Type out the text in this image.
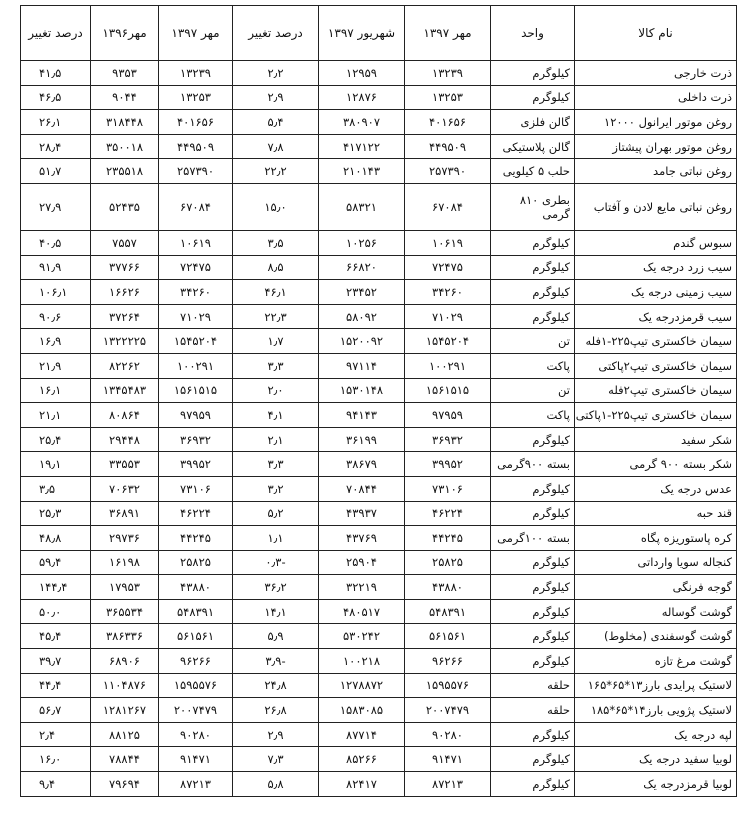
نام کالا	واحد	مهر ۱۳۹۷	شهریور ۱۳۹۷	درصد تغییر	مهر ۱۳۹۷	مهر۱۳۹۶	درصد تغییر
ذرت خارجی	کیلوگرم	۱۳۲۳۹	۱۲۹۵۹	۲٫۲	۱۳۲۳۹	۹۳۵۳	۴۱٫۵
ذرت داخلی	کیلوگرم	۱۳۲۵۳	۱۲۸۷۶	۲٫۹	۱۳۲۵۳	۹۰۴۴	۴۶٫۵
روغن موتور ایرانول ۱۲۰۰۰	گالن فلزی	۴۰۱۶۵۶	۳۸۰۹۰۷	۵٫۴	۴۰۱۶۵۶	۳۱۸۴۴۸	۲۶٫۱
روغن موتور بهران پیشتاز	گالن پلاستیکی	۴۴۹۵۰۹	۴۱۷۱۲۲	۷٫۸	۴۴۹۵۰۹	۳۵۰۰۱۸	۲۸٫۴
روغن نباتی جامد	حلب ۵ کیلویی	۲۵۷۳۹۰	۲۱۰۱۴۳	۲۲٫۲	۲۵۷۳۹۰	۲۳۵۵۱۸	۵۱٫۷
روغن نباتی مایع لادن و آفتاب	بطری ۸۱۰ گرمی	۶۷۰۸۴	۵۸۳۲۱	۱۵٫۰	۶۷۰۸۴	۵۲۴۳۵	۲۷٫۹
سبوس گندم	کیلوگرم	۱۰۶۱۹	۱۰۲۵۶	۳٫۵	۱۰۶۱۹	۷۵۵۷	۴۰٫۵
سیب زرد درجه یک	کیلوگرم	۷۲۴۷۵	۶۶۸۲۰	۸٫۵	۷۲۴۷۵	۳۷۷۶۶	۹۱٫۹
سیب زمینی درجه یک	کیلوگرم	۳۴۲۶۰	۲۳۴۵۲	۴۶٫۱	۳۴۲۶۰	۱۶۶۲۶	۱۰۶٫۱
سیب قرمزدرجه یک	کیلوگرم	۷۱۰۲۹	۵۸۰۹۲	۲۲٫۳	۷۱۰۲۹	۳۷۲۶۴	۹۰٫۶
سیمان خاکستری تیپ۲۲۵-۱فله	تن	۱۵۴۵۲۰۴	۱۵۲۰۰۹۲	۱٫۷	۱۵۴۵۲۰۴	۱۳۲۲۲۲۵	۱۶٫۹
سیمان خاکستری تیپ۲پاکتی	پاکت	۱۰۰۲۹۱	۹۷۱۱۴	۳٫۳	۱۰۰۲۹۱	۸۲۲۶۲	۲۱٫۹
سیمان خاکستری تیپ۲فله	تن	۱۵۶۱۵۱۵	۱۵۳۰۱۴۸	۲٫۰	۱۵۶۱۵۱۵	۱۳۴۵۴۸۳	۱۶٫۱
سیمان خاکستری تیپ۲۲۵-۱پاکتی	پاکت	۹۷۹۵۹	۹۴۱۴۳	۴٫۱	۹۷۹۵۹	۸۰۸۶۴	۲۱٫۱
شکر سفید	کیلوگرم	۳۶۹۳۲	۳۶۱۹۹	۲٫۱	۳۶۹۳۲	۲۹۴۴۸	۲۵٫۴
شکر بسته ۹۰۰ گرمی	بسته ۹۰۰گرمی	۳۹۹۵۲	۳۸۶۷۹	۳٫۳	۳۹۹۵۲	۳۳۵۵۳	۱۹٫۱
عدس درجه یک	کیلوگرم	۷۳۱۰۶	۷۰۸۴۴	۳٫۲	۷۳۱۰۶	۷۰۶۳۲	۳٫۵
قند حبه	کیلوگرم	۴۶۲۲۴	۴۳۹۳۷	۵٫۲	۴۶۲۲۴	۳۶۸۹۱	۲۵٫۳
کره پاستوریزه پگاه	بسته ۱۰۰گرمی	۴۴۲۴۵	۴۳۷۶۹	۱٫۱	۴۴۲۴۵	۲۹۷۳۶	۴۸٫۸
کنجاله سویا وارداتی	کیلوگرم	۲۵۸۲۵	۲۵۹۰۴	-۰٫۳	۲۵۸۲۵	۱۶۱۹۸	۵۹٫۴
گوجه فرنگی	کیلوگرم	۴۳۸۸۰	۳۲۲۱۹	۳۶٫۲	۴۳۸۸۰	۱۷۹۵۳	۱۴۴٫۴
گوشت گوساله	کیلوگرم	۵۴۸۳۹۱	۴۸۰۵۱۷	۱۴٫۱	۵۴۸۳۹۱	۳۶۵۵۳۴	۵۰٫۰
گوشت گوسفندی (مخلوط)	کیلوگرم	۵۶۱۵۶۱	۵۳۰۲۴۲	۵٫۹	۵۶۱۵۶۱	۳۸۶۳۳۶	۴۵٫۴
گوشت مرغ تازه	کیلوگرم	۹۶۲۶۶	۱۰۰۲۱۸	-۳٫۹	۹۶۲۶۶	۶۸۹۰۶	۳۹٫۷
لاستیک پرایدی بارز۱۳*۶۵*۱۶۵	حلقه	۱۵۹۵۵۷۶	۱۲۷۸۸۷۲	۲۴٫۸	۱۵۹۵۵۷۶	۱۱۰۴۸۷۶	۴۴٫۴
لاستیک پژویی بارز۱۴*۶۵*۱۸۵	حلقه	۲۰۰۷۴۷۹	۱۵۸۳۰۸۵	۲۶٫۸	۲۰۰۷۴۷۹	۱۲۸۱۲۶۷	۵۶٫۷
لپه درجه یک	کیلوگرم	۹۰۲۸۰	۸۷۷۱۴	۲٫۹	۹۰۲۸۰	۸۸۱۲۵	۲٫۴
لوبیا سفید درجه یک	کیلوگرم	۹۱۴۷۱	۸۵۲۶۶	۷٫۳	۹۱۴۷۱	۷۸۸۴۴	۱۶٫۰
لوبیا قرمزدرجه یک	کیلوگرم	۸۷۲۱۳	۸۲۴۱۷	۵٫۸	۸۷۲۱۳	۷۹۶۹۴	۹٫۴
